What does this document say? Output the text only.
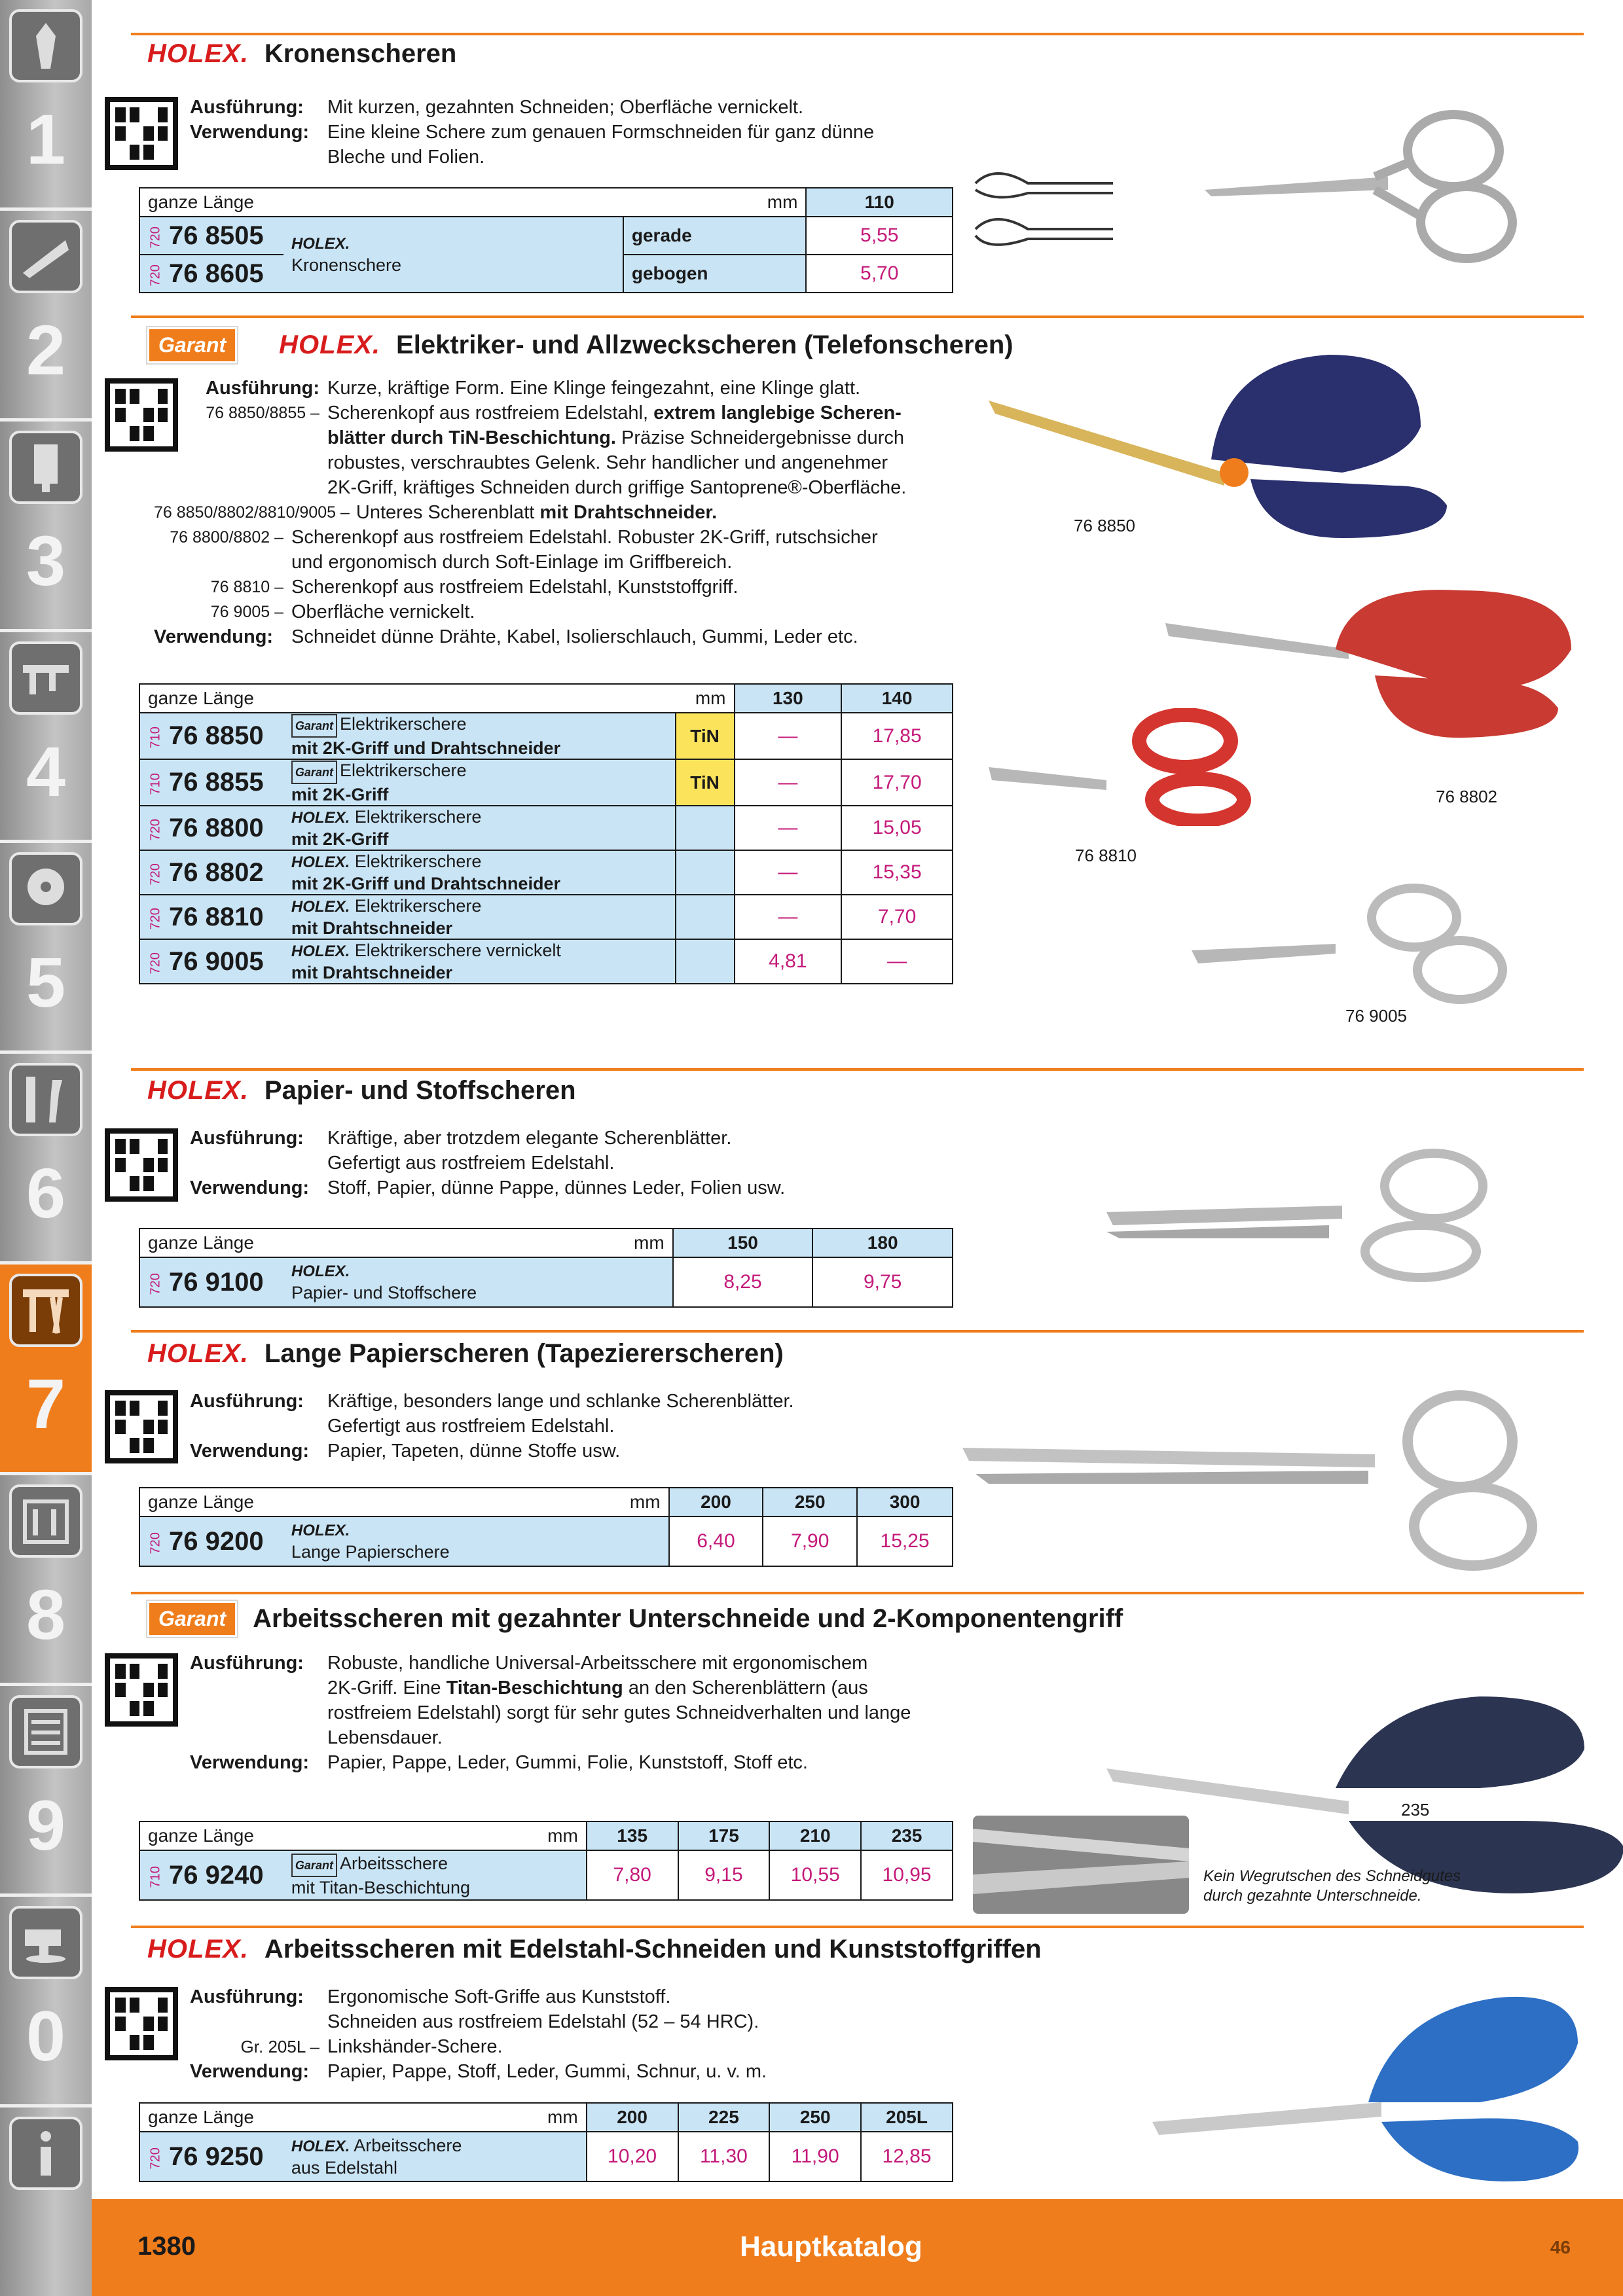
1
2
3
4
5
6
7
8
9
0
HOLEX. Kronenscheren
Ausführung:	Mit kurzen, gezahnten Schneiden; Oberfläche vernickelt.
Verwendung: Eine kleine Schere zum genauen Formschneiden für ganz dünne
Bleche und Folien.
ganze Länge		mm	110
720 76 8505	HOLEX.
Kronenschere	gerade	5,55
720 76 8605		gebogen	5,70
Garant	HOLEX. Elektriker- und Allzweckscheren (Telefonscheren)
Ausführung: Kurze, kräftige Form. Eine Klinge feingezahnt, eine Klinge glatt.
76 8850/8855 – Scherenkopf aus rostfreiem Edelstahl, extrem langlebige Scheren-
blätter durch TiN-Beschichtung. Präzise Schneidergebnisse durch
robustes, verschraubtes Gelenk. Sehr handlicher und angenehmer
2K-Griff, kräftiges Schneiden durch griffige Santoprene®-Oberfläche.
76 8850/8802/8810/9005 – Unteres Scherenblatt mit Drahtschneider.
76 8800/8802 – Scherenkopf aus rostfreiem Edelstahl. Robuster 2K-Griff, rutschsicher
und ergonomisch durch Soft-Einlage im Griffbereich.
76 8810 – Scherenkopf aus rostfreiem Edelstahl, Kunststoffgriff.
76 9005 – Oberfläche vernickelt.
Verwendung: Schneidet dünne Drähte, Kabel, Isolierschlauch, Gummi, Leder etc.
ganze Länge		mm	130	140
710 76 8850	Garant Elektrikerschere
mit 2K-Griff und Drahtschneider	TiN	—	17,85
710 76 8855	Garant Elektrikerschere
mit 2K-Griff	TiN	—	17,70
720 76 8800	HOLEX. Elektrikerschere
mit 2K-Griff		—	15,05
720 76 8802	HOLEX. Elektrikerschere
mit 2K-Griff und Drahtschneider		—	15,35
720 76 8810	HOLEX. Elektrikerschere
mit Drahtschneider		—	7,70
720 76 9005	HOLEX. Elektrikerschere vernickelt
mit Drahtschneider		4,81	—
76 8850
76 8802
76 8810
76 9005
HOLEX. Papier- und Stoffscheren
Ausführung:	Kräftige, aber trotzdem elegante Scherenblätter.
Gefertigt aus rostfreiem Edelstahl.
Verwendung: Stoff, Papier, dünne Pappe, dünnes Leder, Folien usw.
ganze Länge	mm	150	180
720 76 9100	HOLEX.
Papier- und Stoffschere	8,25	9,75
HOLEX. Lange Papierscheren (Tapeziererscheren)
Ausführung:	Kräftige, besonders lange und schlanke Scherenblätter.
Gefertigt aus rostfreiem Edelstahl.
Verwendung: Papier, Tapeten, dünne Stoffe usw.
ganze Länge	mm	200	250	300
720 76 9200	HOLEX.
Lange Papierschere	6,40	7,90	15,25
Garant	Arbeitsscheren mit gezahnter Unterschneide und 2-Komponentengriff
Ausführung:	Robuste, handliche Universal-Arbeitsschere mit ergonomischem
2K-Griff. Eine Titan-Beschichtung an den Scherenblättern (aus
rostfreiem Edelstahl) sorgt für sehr gutes Schneidverhalten und lange
Lebensdauer.
Verwendung: Papier, Pappe, Leder, Gummi, Folie, Kunststoff, Stoff etc.
ganze Länge	mm	135	175	210	235
710 76 9240	Garant Arbeitsschere
mit Titan-Beschichtung	7,80	9,15	10,55	10,95
235
Kein Wegrutschen des Schneidgutes
durch gezahnte Unterschneide.
HOLEX. Arbeitsscheren mit Edelstahl-Schneiden und Kunststoffgriffen
Ausführung:	Ergonomische Soft-Griffe aus Kunststoff.
Schneiden aus rostfreiem Edelstahl (52 – 54 HRC).
Gr. 205L – Linkshänder-Schere.
Verwendung: Papier, Pappe, Stoff, Leder, Gummi, Schnur, u. v. m.
ganze Länge	mm	200	225	250	205L
720 76 9250	HOLEX. Arbeitsschere
aus Edelstahl	10,20	11,30	11,90	12,85
1380	Hauptkatalog	46
